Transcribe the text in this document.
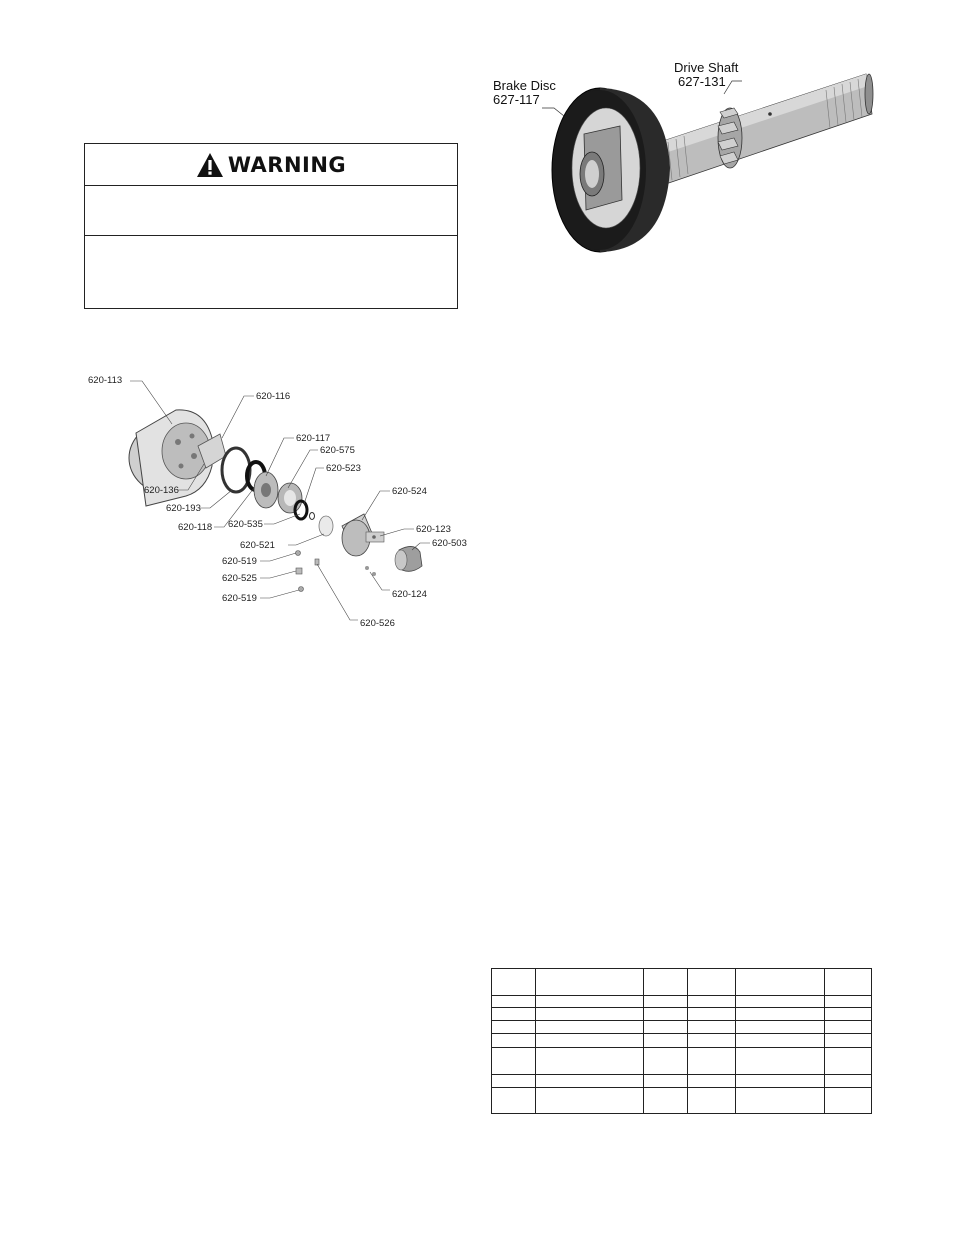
WARNING
620-113
620-116
620-117
620-575
620-523
620-524
620-136
620-193
620-118 620-535
620-521
620-519
620-525
620-519
620-123
620-503
620-124
620-526
Brake Disc
627-117
Drive Shaft
627-131
